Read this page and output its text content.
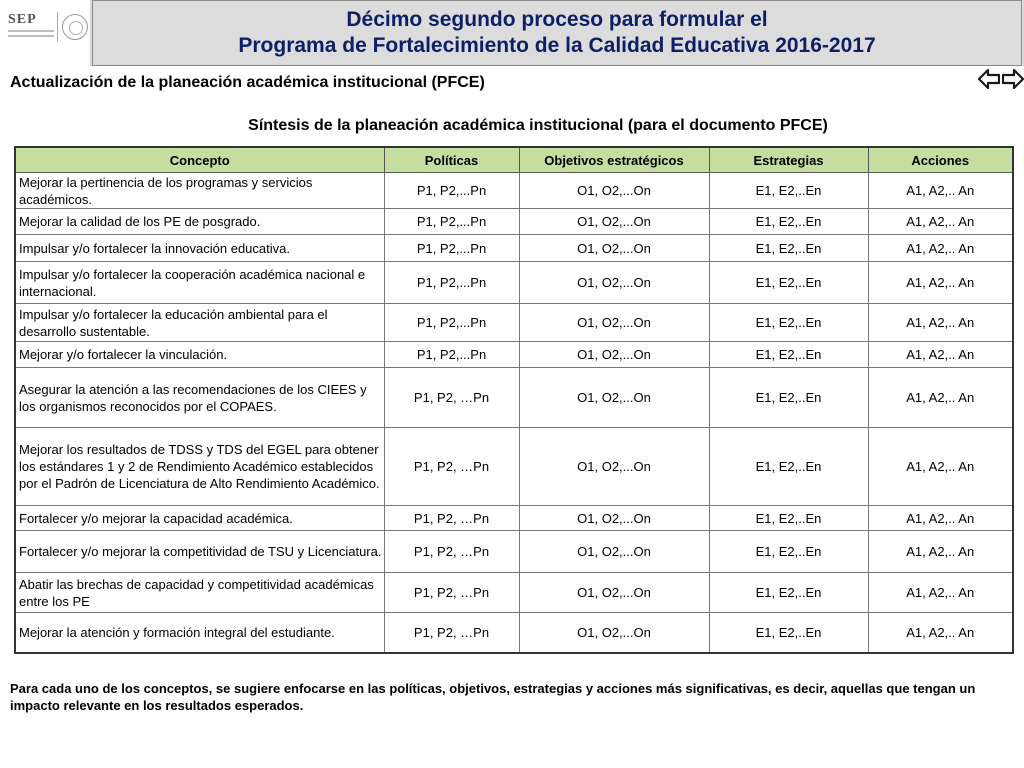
SEP	Décimo segundo proceso para formular el
Programa de Fortalecimiento de la Calidad Educativa 2016-2017
Actualización de la planeación académica institucional (PFCE)
Síntesis de la planeación académica institucional (para el documento PFCE)
Concepto	Políticas	Objetivos estratégicos	Estrategias	Acciones
Mejorar la pertinencia de los programas y servicios académicos.	P1, P2,...Pn	O1, O2,...On	E1, E2,..En	A1, A2,.. An
Mejorar la calidad de los PE de posgrado.	P1, P2,...Pn	O1, O2,...On	E1, E2,..En	A1, A2,.. An
Impulsar y/o fortalecer la innovación educativa.	P1, P2,...Pn	O1, O2,...On	E1, E2,..En	A1, A2,.. An
Impulsar y/o fortalecer la cooperación académica nacional e internacional.	P1, P2,...Pn	O1, O2,...On	E1, E2,..En	A1, A2,.. An
Impulsar y/o fortalecer la educación ambiental para el desarrollo sustentable.	P1, P2,...Pn	O1, O2,...On	E1, E2,..En	A1, A2,.. An
Mejorar y/o fortalecer la vinculación.	P1, P2,...Pn	O1, O2,...On	E1, E2,..En	A1, A2,.. An
Asegurar la atención a las recomendaciones de los CIEES y los organismos reconocidos por el COPAES.	P1, P2, …Pn	O1, O2,...On	E1, E2,..En	A1, A2,.. An
Mejorar los resultados de TDSS y TDS del EGEL para obtener los estándares 1 y 2 de Rendimiento Académico establecidos por el Padrón de Licenciatura de Alto Rendimiento Académico.	P1, P2, …Pn	O1, O2,...On	E1, E2,..En	A1, A2,.. An
Fortalecer y/o mejorar la capacidad académica.	P1, P2, …Pn	O1, O2,...On	E1, E2,..En	A1, A2,.. An
Fortalecer y/o mejorar la competitividad de TSU y Licenciatura.	P1, P2, …Pn	O1, O2,...On	E1, E2,..En	A1, A2,.. An
Abatir las brechas de capacidad y competitividad académicas entre los PE	P1, P2, …Pn	O1, O2,...On	E1, E2,..En	A1, A2,.. An
Mejorar la atención y formación integral del estudiante.	P1, P2, …Pn	O1, O2,...On	E1, E2,..En	A1, A2,.. An
Para cada uno de los conceptos, se sugiere enfocarse en las políticas, objetivos, estrategias y acciones más significativas, es decir, aquellas que tengan un impacto relevante en los resultados esperados.
